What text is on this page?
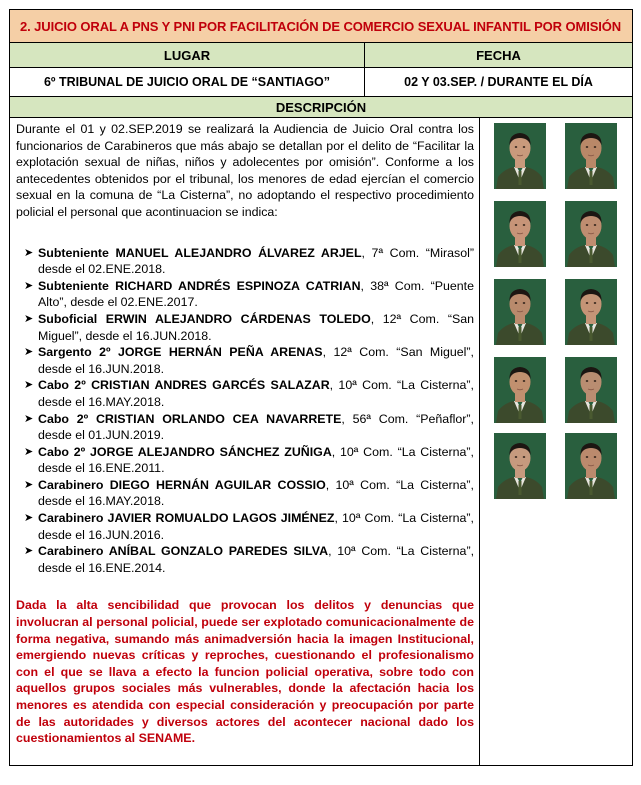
2. JUICIO ORAL A PNS Y PNI POR FACILITACIÓN DE COMERCIO SEXUAL INFANTIL POR OMISIÓN
LUGAR	FECHA
6º TRIBUNAL DE JUICIO ORAL DE “SANTIAGO”	02 Y 03.SEP. / DURANTE EL DÍA
DESCRIPCIÓN

Durante el 01 y 02.SEP.2019 se realizará la Audiencia de Juicio Oral contra los funcionarios de Carabineros que más abajo se detallan por el delito de “Facilitar la explotación sexual de niñas, niños y adolecentes por omisión”. Conforme a los antecedentes obtenidos por el tribunal, los menores de edad ejercían el comercio sexual en la comuna de “La Cisterna”, no adoptando el respectivo procedimiento policial el personal que acontinuacion se indica:

➤ Subteniente MANUEL ALEJANDRO ÁLVAREZ ARJEL, 7ª Com. “Mirasol” desde el 02.ENE.2018.
➤ Subteniente RICHARD ANDRÉS ESPINOZA CATRIAN, 38ª Com. “Puente Alto”, desde el 02.ENE.2017.
➤ Suboficial ERWIN ALEJANDRO CÁRDENAS TOLEDO, 12ª Com. “San Miguel”, desde el 16.JUN.2018.
➤ Sargento 2º JORGE HERNÁN PEÑA ARENAS, 12ª Com. “San Miguel”, desde el 16.JUN.2018.
➤ Cabo 2º CRISTIAN ANDRES GARCÉS SALAZAR, 10ª Com. “La Cisterna”, desde el 16.MAY.2018.
➤ Cabo 2º CRISTIAN ORLANDO CEA NAVARRETE, 56ª Com. “Peñaflor”, desde el 01.JUN.2019.
➤ Cabo 2º JORGE ALEJANDRO SÁNCHEZ ZUÑIGA, 10ª Com. “La Cisterna”, desde el 16.ENE.2011.
➤ Carabinero DIEGO HERNÁN AGUILAR COSSIO, 10ª Com. “La Cisterna”, desde el 16.MAY.2018.
➤ Carabinero JAVIER ROMUALDO LAGOS JIMÉNEZ, 10ª Com. “La Cisterna”, desde el 16.JUN.2016.
➤ Carabinero ANÍBAL GONZALO PAREDES SILVA, 10ª Com. “La Cisterna”, desde el 16.ENE.2014.

Dada la alta sencibilidad que provocan los delitos y denuncias que involucran al personal policial, puede ser explotado comunicacionalmente de forma negativa, sumando más animadversión hacia la imagen Institucional, emergiendo nuevas críticas y reproches, cuestionando el profesionalismo con el que se llava a efecto la funcion policial operativa, sobre todo con aquellos grupos sociales más vulnerables, donde la afectación hacia los menores es atendida con especial consideración y preocupación por parte de las autoridades y diversos actores del acontecer nacional dado los cuestionamientos al SENAME.
